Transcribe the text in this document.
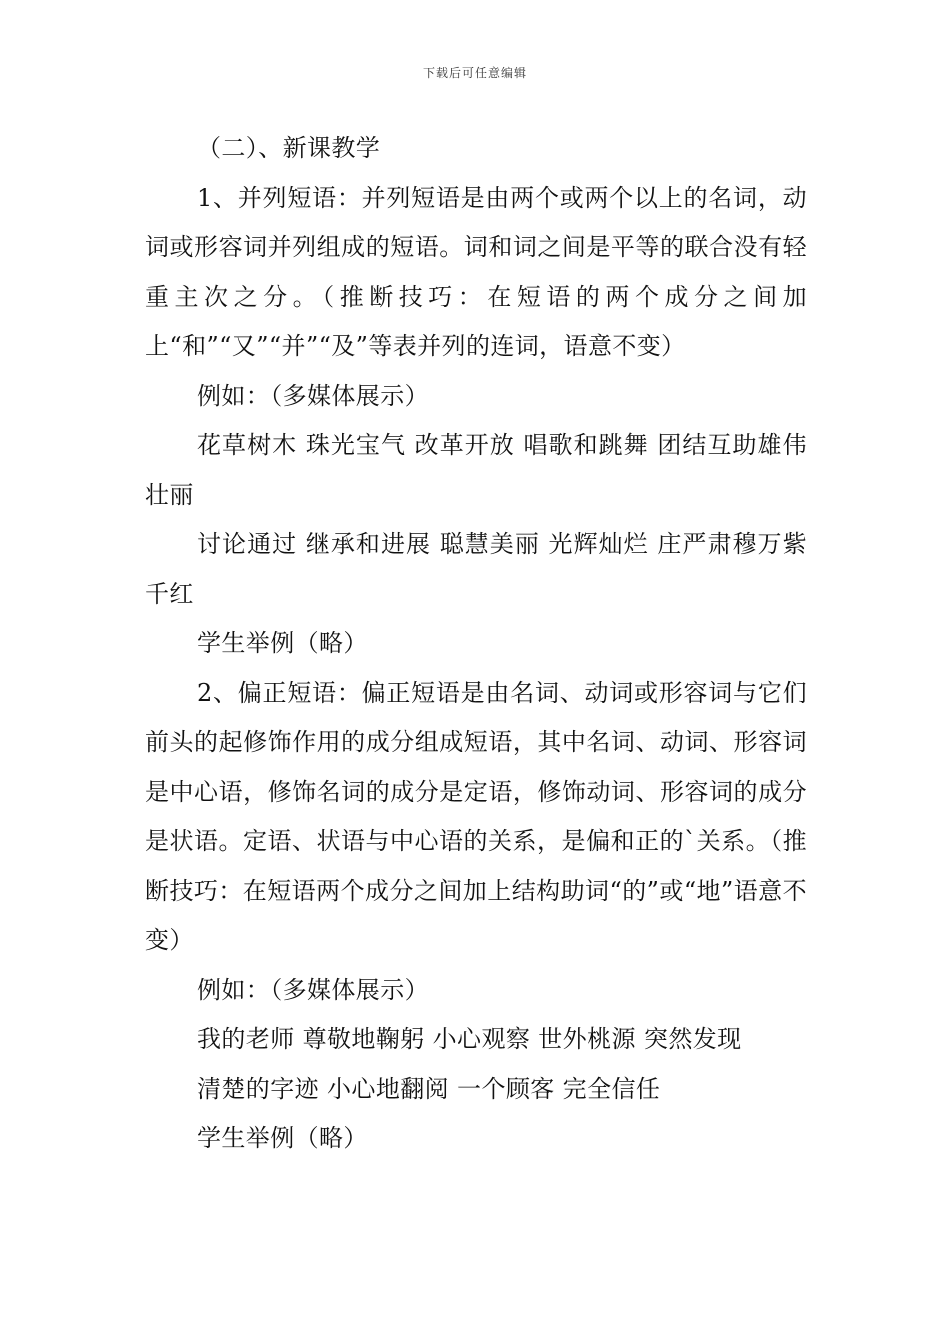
下载后可任意编辑

（二）、新课教学

1、并列短语：并列短语是由两个或两个以上的名词，动词或形容词并列组成的短语。词和词之间是平等的联合没有轻重主次之分。（推断技巧：在短语的两个成分之间加上“和”“又”“并”“及”等表并列的连词，语意不变）

例如：（多媒体展示）

花草树木 珠光宝气 改革开放 唱歌和跳舞 团结互助雄伟壮丽

讨论通过 继承和进展 聪慧美丽 光辉灿烂 庄严肃穆万紫千红

学生举例（略）

2、偏正短语：偏正短语是由名词、动词或形容词与它们前头的起修饰作用的成分组成短语，其中名词、动词、形容词是中心语，修饰名词的成分是定语，修饰动词、形容词的成分是状语。定语、状语与中心语的关系，是偏和正的`关系。（推断技巧：在短语两个成分之间加上结构助词“的”或“地”语意不变）

例如：（多媒体展示）

我的老师 尊敬地鞠躬 小心观察 世外桃源 突然发现

清楚的字迹 小心地翻阅 一个顾客 完全信任

学生举例（略）
